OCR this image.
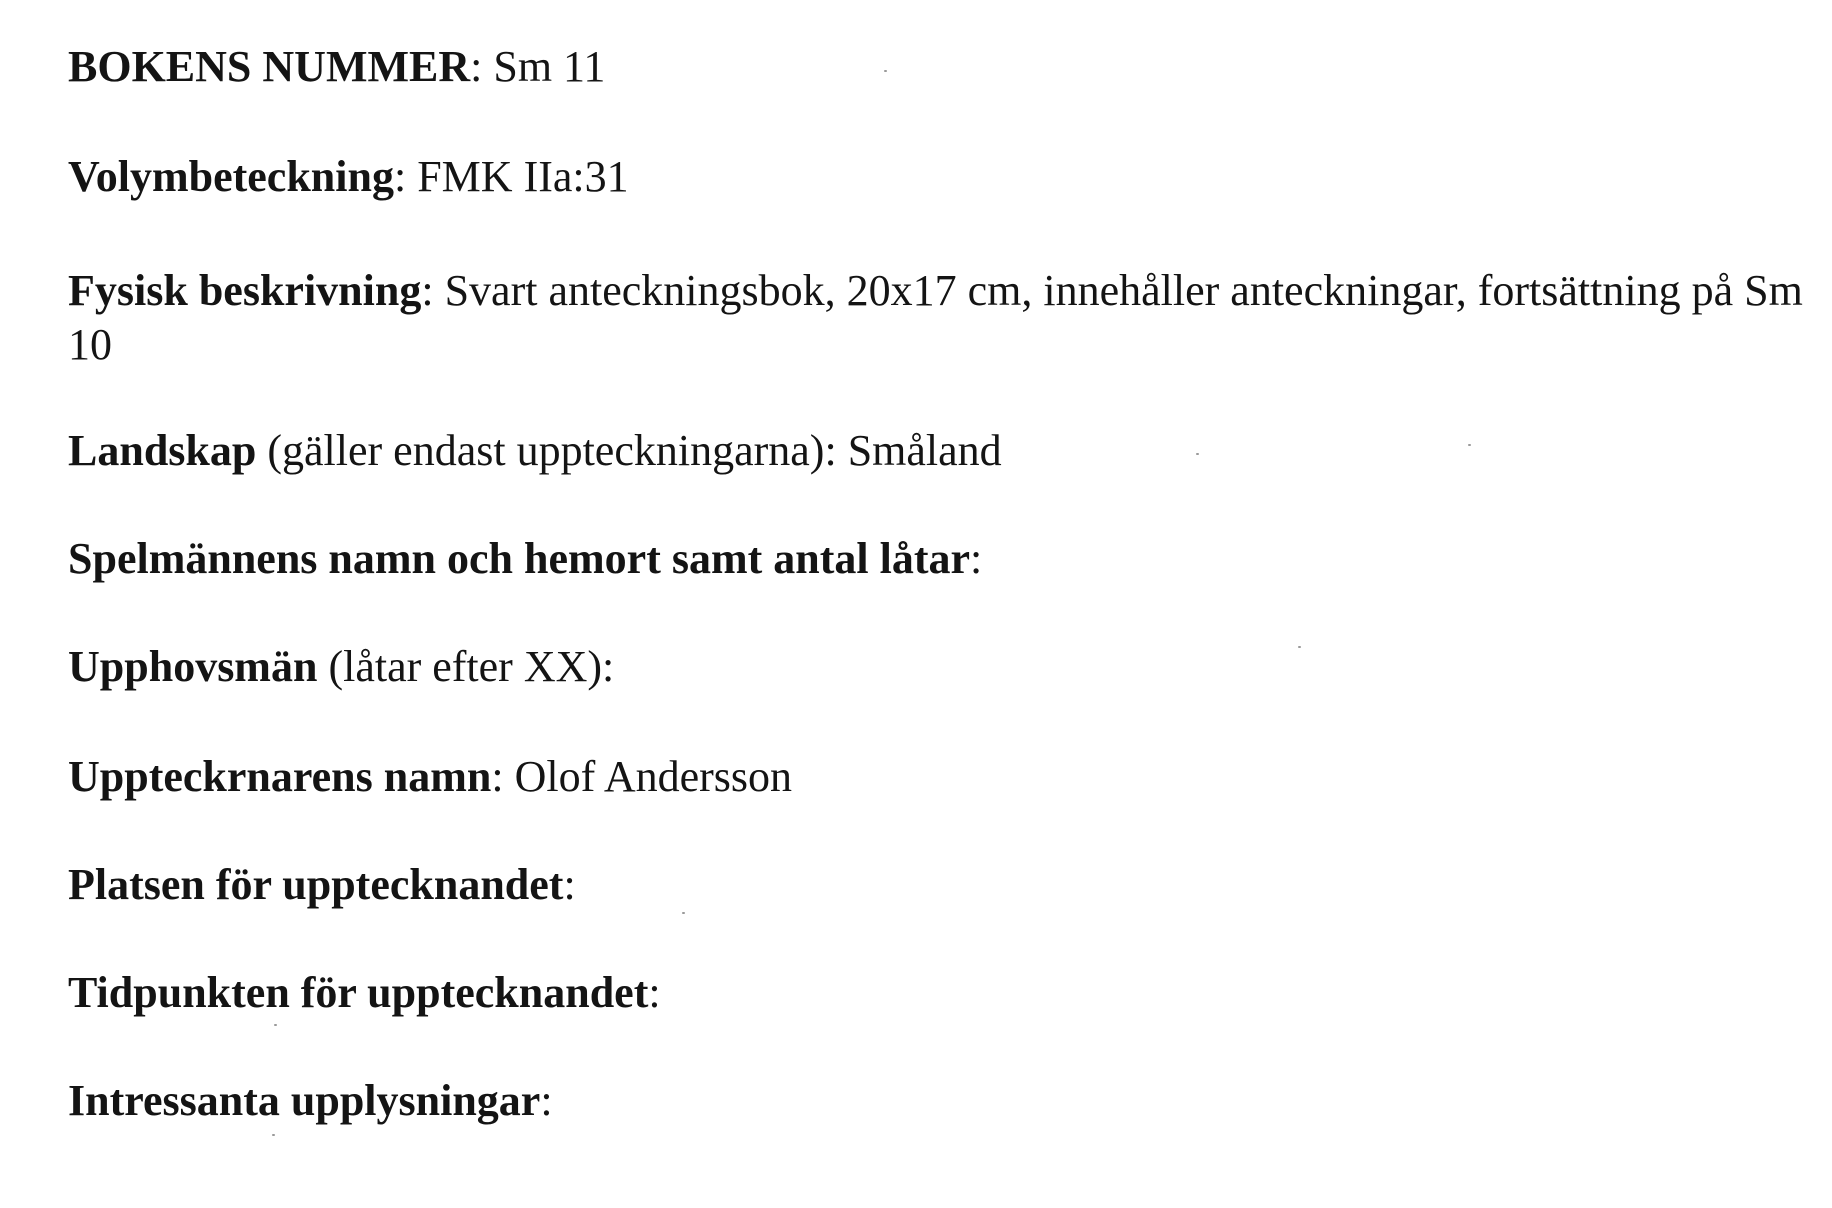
BOKENS NUMMER: Sm 11
Volymbeteckning: FMK IIa:31
Fysisk beskrivning: Svart anteckningsbok, 20x17 cm, innehåller anteckningar, fortsättning på Sm 10
Landskap (gäller endast uppteckningarna): Småland
Spelmännens namn och hemort samt antal låtar:
Upphovsmän (låtar efter XX):
Uppteckrnarens namn: Olof Andersson
Platsen för upptecknandet:
Tidpunkten för upptecknandet:
Intressanta upplysningar:
